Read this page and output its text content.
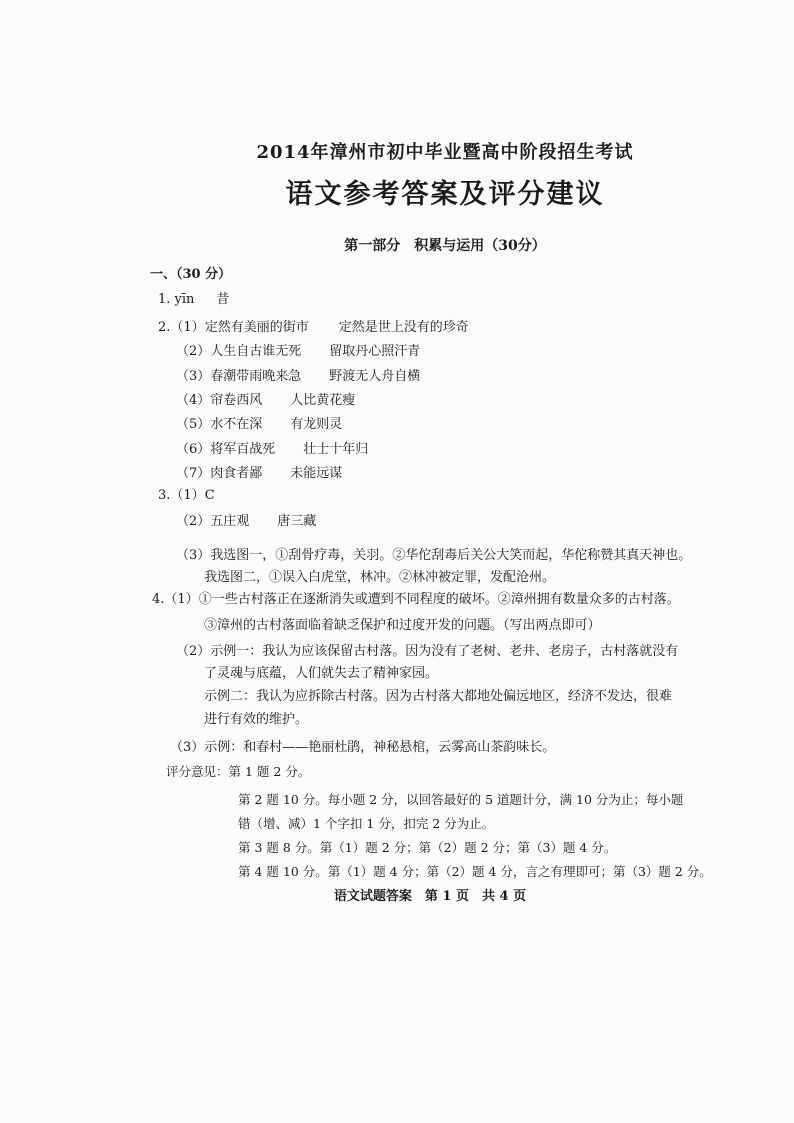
2014年漳州市初中毕业暨高中阶段招生考试
语文参考答案及评分建议
第一部分　积累与运用（30分）
一、（30 分）
1. yīn 昔
2.（1）定然有美丽的街市 定然是世上没有的珍奇
（2）人生自古谁无死 留取丹心照汗青
（3）春潮带雨晚来急 野渡无人舟自横
（4）帘卷西风 人比黄花瘦
（5）水不在深 有龙则灵
（6）将军百战死 壮士十年归
（7）肉食者鄙 未能远谋
3.（1）C
（2）五庄观 唐三藏
（3）我选图一，①刮骨疗毒，关羽。②华佗刮毒后关公大笑而起，华佗称赞其真天神也。
我选图二，①误入白虎堂，林冲。②林冲被定罪，发配沧州。
4.（1）①一些古村落正在逐渐消失或遭到不同程度的破坏。②漳州拥有数量众多的古村落。
③漳州的古村落面临着缺乏保护和过度开发的问题。（写出两点即可）
（2）示例一：我认为应该保留古村落。因为没有了老树、老井、老房子，古村落就没有
了灵魂与底蕴，人们就失去了精神家园。
示例二：我认为应拆除古村落。因为古村落大都地处偏远地区，经济不发达，很难
进行有效的维护。
（3）示例：和春村——艳丽杜鹃，神秘悬棺，云雾高山茶韵味长。
评分意见：第 1 题 2 分。
第 2 题 10 分。每小题 2 分，以回答最好的 5 道题计分，满 10 分为止；每小题
错（增、减）1 个字扣 1 分，扣完 2 分为止。
第 3 题 8 分。第（1）题 2 分；第（2）题 2 分；第（3）题 4 分。
第 4 题 10 分。第（1）题 4 分；第（2）题 4 分，言之有理即可；第（3）题 2 分。
语文试题答案　第 1 页　共 4 页
